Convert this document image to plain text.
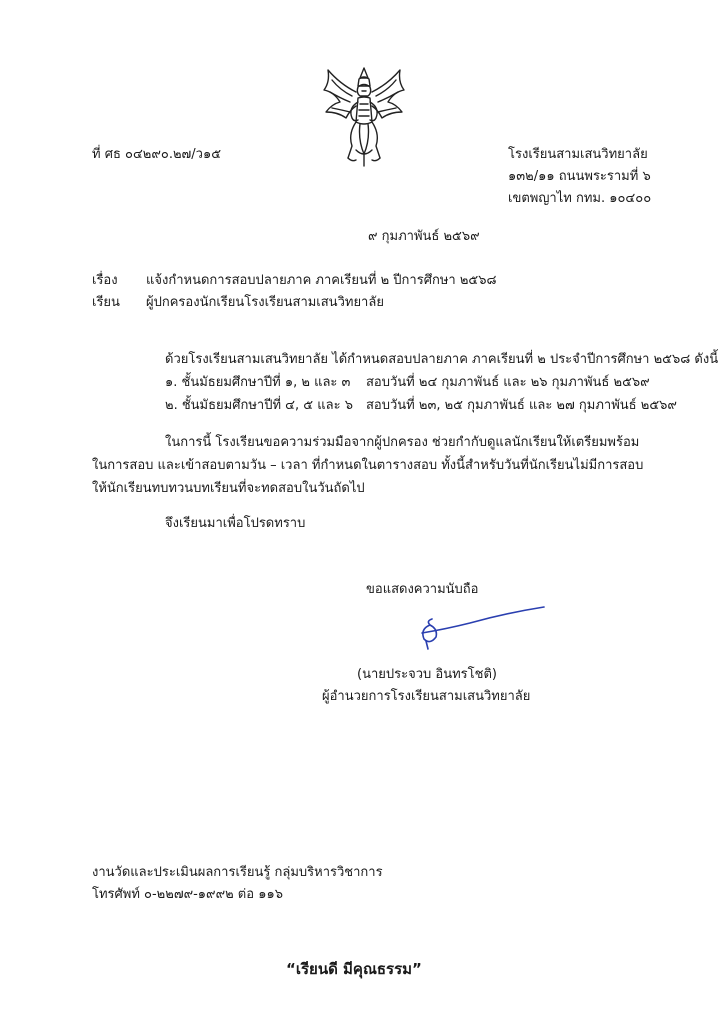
ที่ ศธ ๐๔๒๙๐.๒๗/ว๑๕	โรงเรียนสามเสนวิทยาลัย
๑๓๒/๑๑ ถนนพระรามที่ ๖
เขตพญาไท กทม. ๑๐๔๐๐
๙ กุมภาพันธ์ ๒๕๖๙
เรื่อง แจ้งกำหนดการสอบปลายภาค ภาคเรียนที่ ๒ ปีการศึกษา ๒๕๖๘
เรียน ผู้ปกครองนักเรียนโรงเรียนสามเสนวิทยาลัย
ด้วยโรงเรียนสามเสนวิทยาลัย ได้กำหนดสอบปลายภาค ภาคเรียนที่ ๒ ประจำปีการศึกษา ๒๕๖๘ ดังนี้
๑. ชั้นมัธยมศึกษาปีที่ ๑, ๒ และ ๓ สอบวันที่ ๒๔ กุมภาพันธ์ และ ๒๖ กุมภาพันธ์ ๒๕๖๙
๒. ชั้นมัธยมศึกษาปีที่ ๔, ๕ และ ๖ สอบวันที่ ๒๓, ๒๕ กุมภาพันธ์ และ ๒๗ กุมภาพันธ์ ๒๕๖๙
ในการนี้ โรงเรียนขอความร่วมมือจากผู้ปกครอง ช่วยกำกับดูแลนักเรียนให้เตรียมพร้อม
ในการสอบ และเข้าสอบตามวัน – เวลา ที่กำหนดในตารางสอบ ทั้งนี้สำหรับวันที่นักเรียนไม่มีการสอบ
ให้นักเรียนทบทวนบทเรียนที่จะทดสอบในวันถัดไป
จึงเรียนมาเพื่อโปรดทราบ
ขอแสดงความนับถือ
(นายประจวบ อินทรโชติ)
ผู้อำนวยการโรงเรียนสามเสนวิทยาลัย
งานวัดและประเมินผลการเรียนรู้ กลุ่มบริหารวิชาการ
โทรศัพท์ ๐-๒๒๗๙-๑๙๙๒ ต่อ ๑๑๖
“เรียนดี มีคุณธรรม”
